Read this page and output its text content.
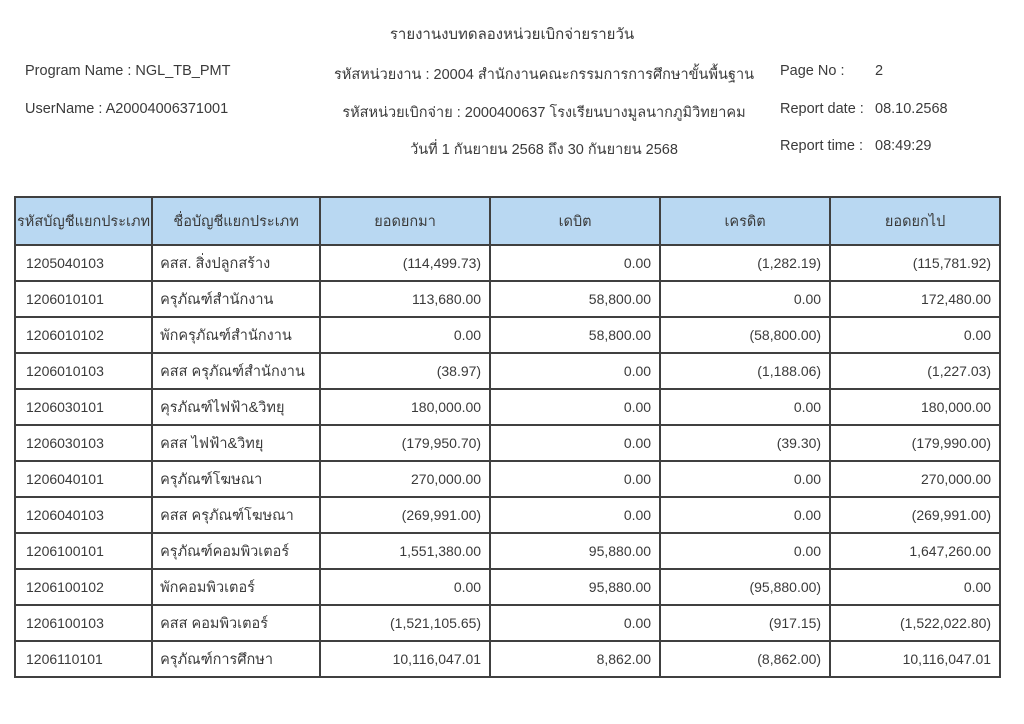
รายงานงบทดลองหน่วยเบิกจ่ายรายวัน
Program Name : NGL_TB_PMT	รหัสหน่วยงาน : 20004 สำนักงานคณะกรรมการการศึกษาขั้นพื้นฐาน	Page No :	2
UserName : A20004006371001	รหัสหน่วยเบิกจ่าย : 2000400637 โรงเรียนบางมูลนากภูมิวิทยาคม	Report date : 08.10.2568
วันที่ 1 กันยายน 2568 ถึง 30 กันยายน 2568	Report time : 08:49:29
รหัสบัญชีแยกประเภท	ชื่อบัญชีแยกประเภท	ยอดยกมา	เดบิต	เครดิต	ยอดยกไป
1205040103	คสส. สิ่งปลูกสร้าง	(114,499.73)	0.00	(1,282.19)	(115,781.92)
1206010101	ครุภัณฑ์สำนักงาน	113,680.00	58,800.00	0.00	172,480.00
1206010102	พักครุภัณฑ์สำนักงาน	0.00	58,800.00	(58,800.00)	0.00
1206010103	คสส ครุภัณฑ์สำนักงาน	(38.97)	0.00	(1,188.06)	(1,227.03)
1206030101	คุรภัณฑ์ไฟฟ้า&วิทยุ	180,000.00	0.00	0.00	180,000.00
1206030103	คสส ไฟฟ้า&วิทยุ	(179,950.70)	0.00	(39.30)	(179,990.00)
1206040101	ครุภัณฑ์โฆษณา	270,000.00	0.00	0.00	270,000.00
1206040103	คสส ครุภัณฑ์โฆษณา	(269,991.00)	0.00	0.00	(269,991.00)
1206100101	ครุภัณฑ์คอมพิวเตอร์	1,551,380.00	95,880.00	0.00	1,647,260.00
1206100102	พักคอมพิวเตอร์	0.00	95,880.00	(95,880.00)	0.00
1206100103	คสส คอมพิวเตอร์	(1,521,105.65)	0.00	(917.15)	(1,522,022.80)
1206110101	ครุภัณฑ์การศึกษา	10,116,047.01	8,862.00	(8,862.00)	10,116,047.01
